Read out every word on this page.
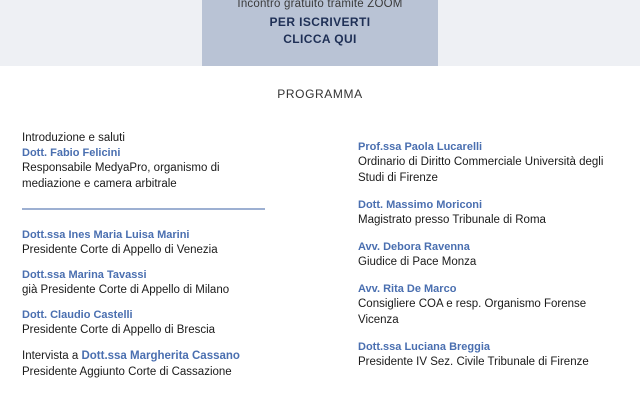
Incontro gratuito tramite ZOOM
PER ISCRIVERTI
CLICCA QUI
PROGRAMMA
Introduzione e saluti
Dott. Fabio Felicini
Responsabile MedyaPro, organismo di mediazione e camera arbitrale
Dott.ssa Ines Maria Luisa Marini
Presidente Corte di Appello di Venezia
Dott.ssa Marina Tavassi
già Presidente Corte di Appello di Milano
Dott. Claudio Castelli
Presidente Corte di Appello di Brescia
Intervista a Dott.ssa Margherita Cassano
Presidente Aggiunto Corte di Cassazione
Prof.ssa Paola Lucarelli
Ordinario di Diritto Commerciale Università degli Studi di Firenze
Dott. Massimo Moriconi
Magistrato presso Tribunale di Roma
Avv. Debora Ravenna
Giudice di Pace Monza
Avv. Rita De Marco
Consigliere COA e resp. Organismo Forense Vicenza
Dott.ssa Luciana Breggia
Presidente IV Sez. Civile Tribunale di Firenze
